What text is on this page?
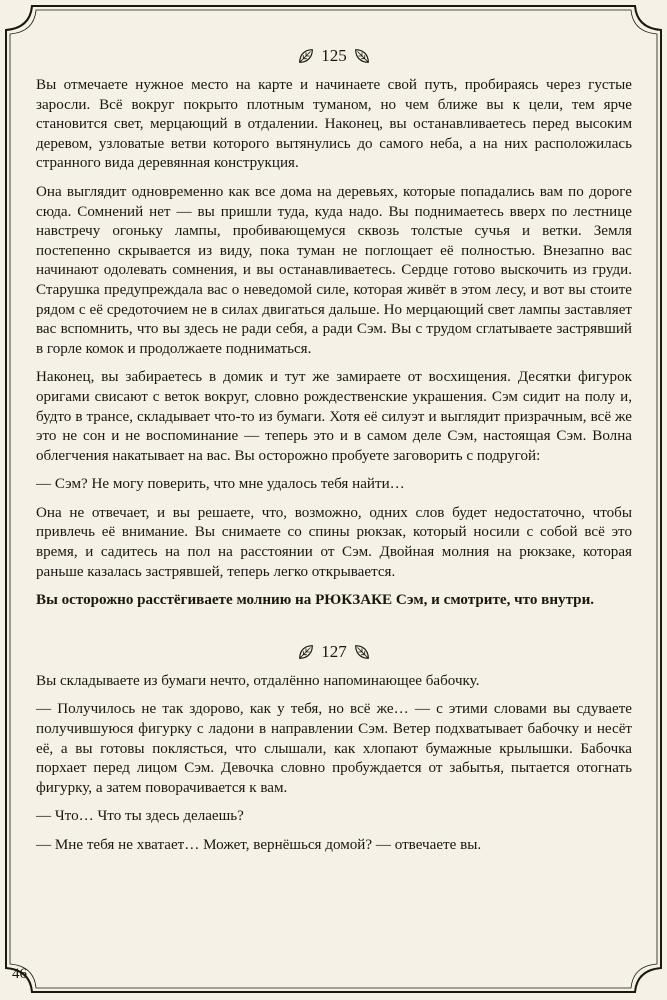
125

Вы отмечаете нужное место на карте и начинаете свой путь, пробираясь через густые заросли. Всё вокруг покрыто плотным туманом, но чем ближе вы к цели, тем ярче становится свет, мерцающий в отдалении. Наконец, вы останавливаетесь перед высоким деревом, узловатые ветви которого вытянулись до самого неба, а на них расположилась странного вида деревянная конструкция.

Она выглядит одновременно как все дома на деревьях, которые попадались вам по дороге сюда. Сомнений нет — вы пришли туда, куда надо. Вы поднимаетесь вверх по лестнице навстречу огоньку лампы, пробивающемуся сквозь толстые сучья и ветки. Земля постепенно скрывается из виду, пока туман не поглощает её полностью. Внезапно вас начинают одолевать сомнения, и вы останавливаетесь. Сердце готово выскочить из груди. Старушка предупреждала вас о неведомой силе, которая живёт в этом лесу, и вот вы стоите рядом с её средоточием не в силах двигаться дальше. Но мерцающий свет лампы заставляет вас вспомнить, что вы здесь не ради себя, а ради Сэм. Вы с трудом сглатываете застрявший в горле комок и продолжаете подниматься.

Наконец, вы забираетесь в домик и тут же замираете от восхищения. Десятки фигурок оригами свисают с веток вокруг, словно рождественские украшения. Сэм сидит на полу и, будто в трансе, складывает что-то из бумаги. Хотя её силуэт и выглядит призрачным, всё же это не сон и не воспоминание — теперь это и в самом деле Сэм, настоящая Сэм. Волна облегчения накатывает на вас. Вы осторожно пробуете заговорить с подругой:

— Сэм? Не могу поверить, что мне удалось тебя найти…

Она не отвечает, и вы решаете, что, возможно, одних слов будет недостаточно, чтобы привлечь её внимание. Вы снимаете со спины рюкзак, который носили с собой всё это время, и садитесь на пол на расстоянии от Сэм. Двойная молния на рюкзаке, которая раньше казалась застрявшей, теперь легко открывается.

Вы осторожно расстёгиваете молнию на РЮКЗАКЕ Сэм, и смотрите, что внутри.

127

Вы складываете из бумаги нечто, отдалённо напоминающее бабочку.

— Получилось не так здорово, как у тебя, но всё же… — с этими словами вы сдуваете получившуюся фигурку с ладони в направлении Сэм. Ветер подхватывает бабочку и несёт её, а вы готовы поклясться, что слышали, как хлопают бумажные крылышки. Бабочка порхает перед лицом Сэм. Девочка словно пробуждается от забытья, пытается отогнать фигурку, а затем поворачивается к вам.

— Что… Что ты здесь делаешь?

— Мне тебя не хватает… Может, вернёшься домой? — отвечаете вы.

46
